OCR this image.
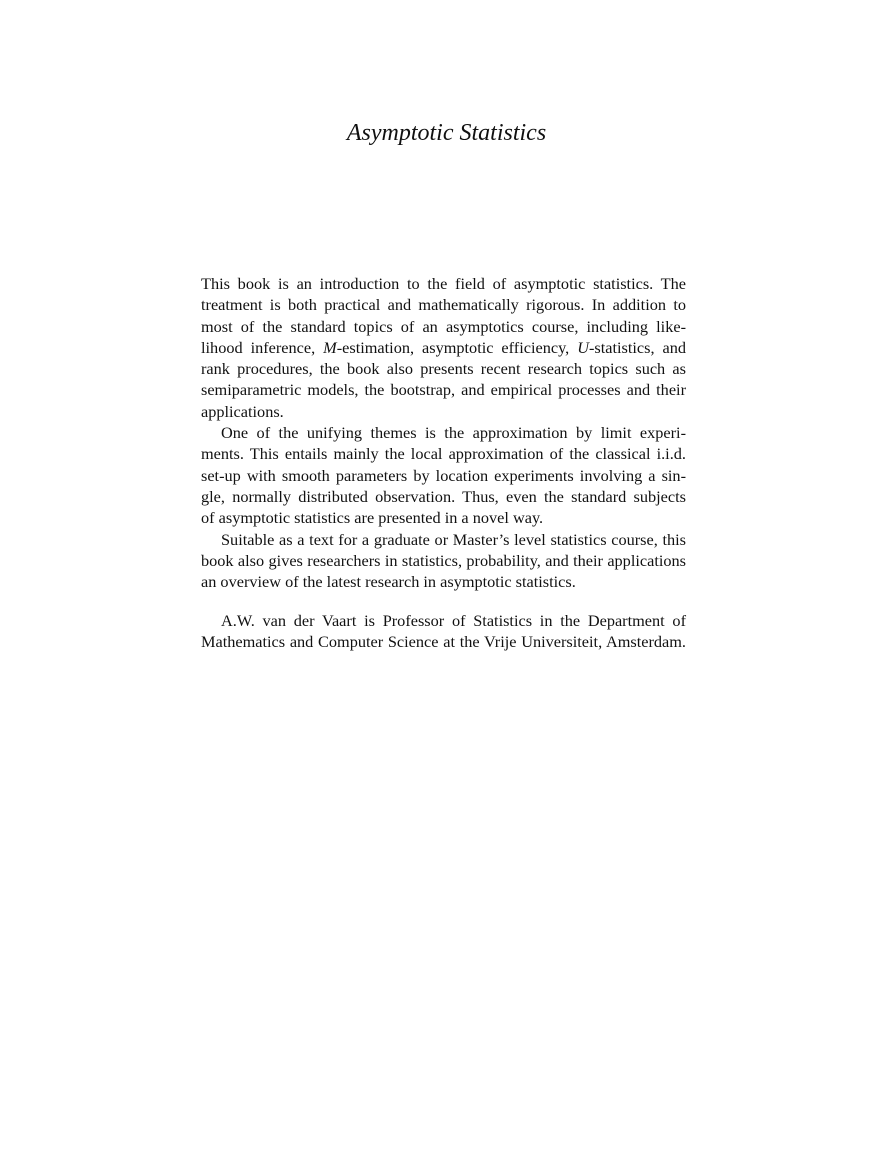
Asymptotic Statistics

This book is an introduction to the field of asymptotic statistics. The
treatment is both practical and mathematically rigorous. In addition to
most of the standard topics of an asymptotics course, including like-
lihood inference, M-estimation, asymptotic efficiency, U-statistics, and
rank procedures, the book also presents recent research topics such as
semiparametric models, the bootstrap, and empirical processes and their
applications.

One of the unifying themes is the approximation by limit experi-
ments. This entails mainly the local approximation of the classical i.i.d.
set-up with smooth parameters by location experiments involving a sin-
gle, normally distributed observation. Thus, even the standard subjects
of asymptotic statistics are presented in a novel way.

Suitable as a text for a graduate or Master’s level statistics course, this
book also gives researchers in statistics, probability, and their applications
an overview of the latest research in asymptotic statistics.

A.W. van der Vaart is Professor of Statistics in the Department of
Mathematics and Computer Science at the Vrije Universiteit, Amsterdam.
